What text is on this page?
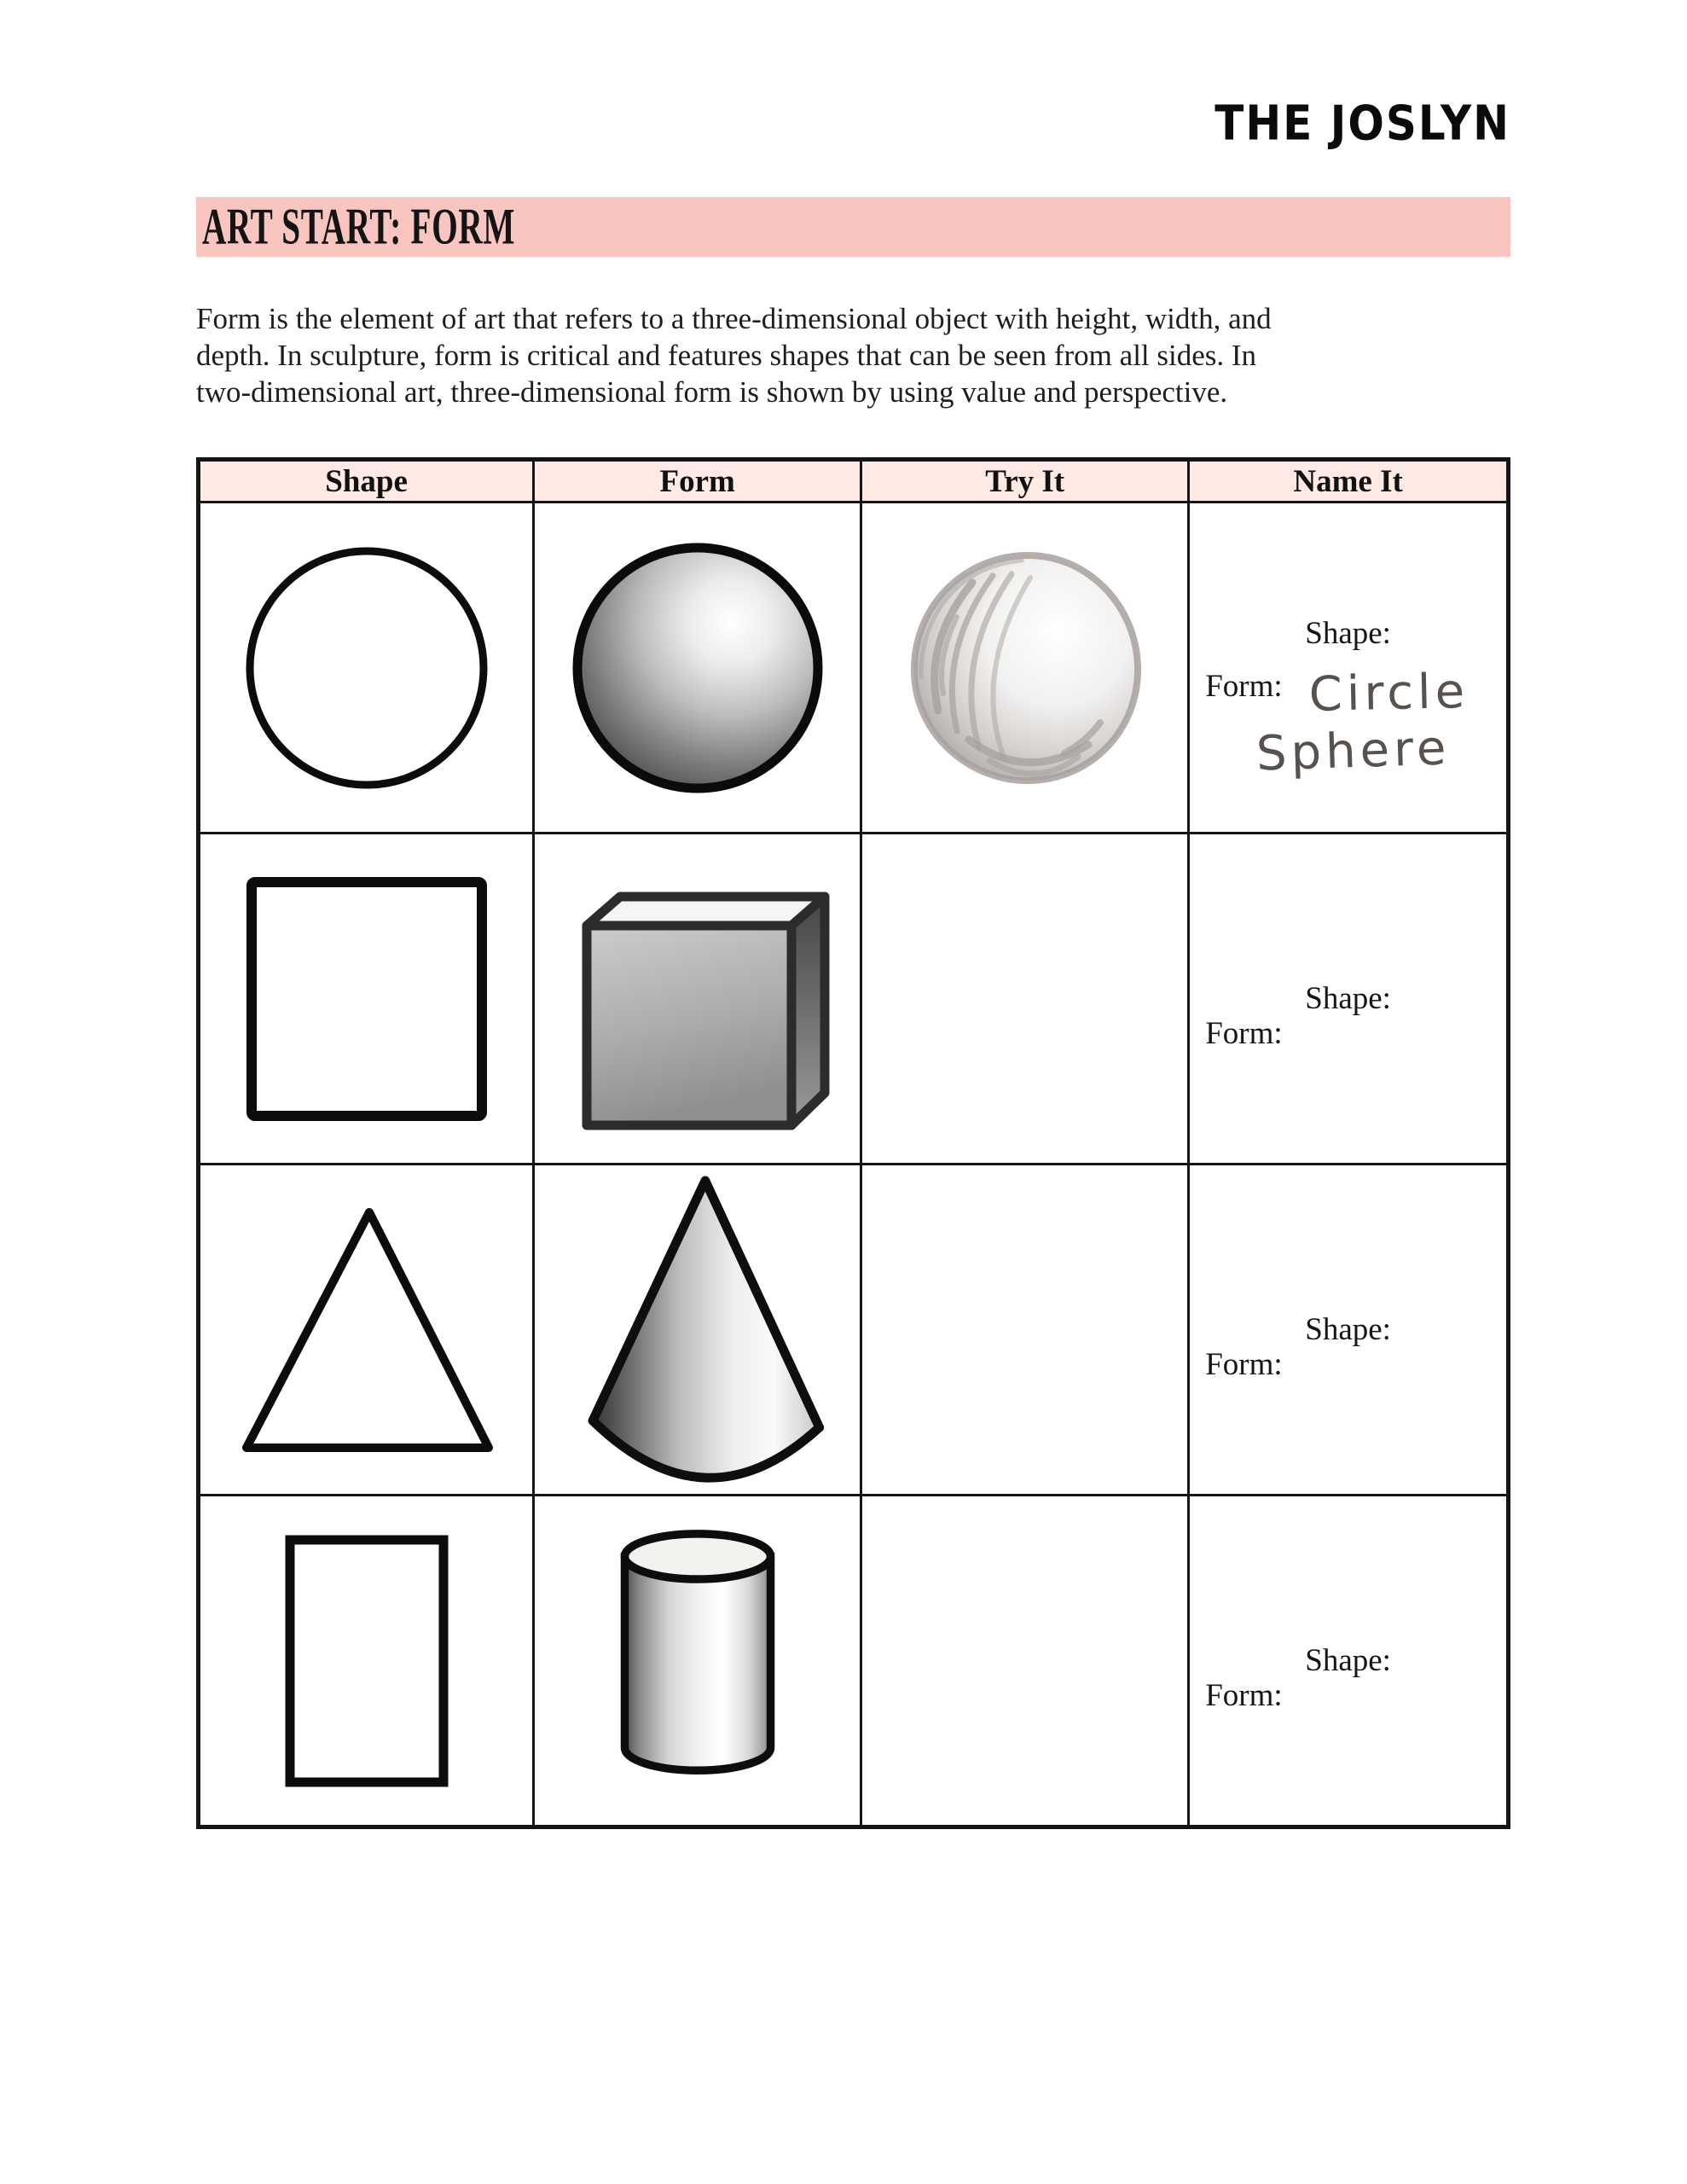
THE JOSLYN
ART START: FORM
Form is the element of art that refers to a three-dimensional object with height, width, and
depth. In sculpture, form is critical and features shapes that can be seen from all sides. In
two-dimensional art, three-dimensional form is shown by using value and perspective.
Shape	Form	Try It	Name It

Shape:
Circle
Form:
Sphere

Shape:
Form:

Shape:
Form:

Shape:
Form:
